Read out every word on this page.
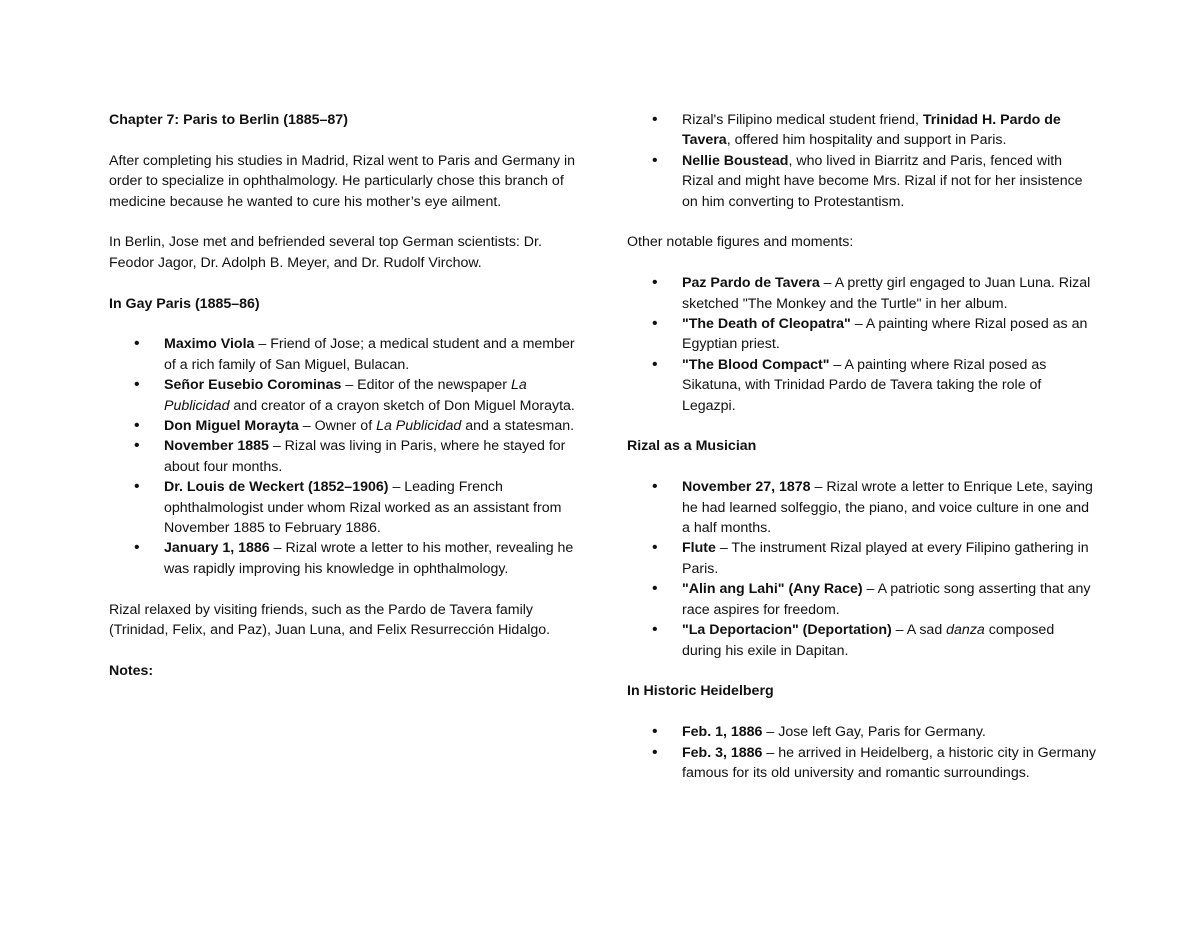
Chapter 7: Paris to Berlin (1885–87)

After completing his studies in Madrid, Rizal went to Paris and Germany in order to specialize in ophthalmology. He particularly chose this branch of medicine because he wanted to cure his mother’s eye ailment.

In Berlin, Jose met and befriended several top German scientists: Dr. Feodor Jagor, Dr. Adolph B. Meyer, and Dr. Rudolf Virchow.

In Gay Paris (1885–86)

• Maximo Viola – Friend of Jose; a medical student and a member of a rich family of San Miguel, Bulacan.
• Señor Eusebio Corominas – Editor of the newspaper La Publicidad and creator of a crayon sketch of Don Miguel Morayta.
• Don Miguel Morayta – Owner of La Publicidad and a statesman.
• November 1885 – Rizal was living in Paris, where he stayed for about four months.
• Dr. Louis de Weckert (1852–1906) – Leading French ophthalmologist under whom Rizal worked as an assistant from November 1885 to February 1886.
• January 1, 1886 – Rizal wrote a letter to his mother, revealing he was rapidly improving his knowledge in ophthalmology.

Rizal relaxed by visiting friends, such as the Pardo de Tavera family (Trinidad, Felix, and Paz), Juan Luna, and Felix Resurrección Hidalgo.

Notes:

• Rizal's Filipino medical student friend, Trinidad H. Pardo de Tavera, offered him hospitality and support in Paris.
• Nellie Boustead, who lived in Biarritz and Paris, fenced with Rizal and might have become Mrs. Rizal if not for her insistence on him converting to Protestantism.

Other notable figures and moments:

• Paz Pardo de Tavera – A pretty girl engaged to Juan Luna. Rizal sketched "The Monkey and the Turtle" in her album.
• "The Death of Cleopatra" – A painting where Rizal posed as an Egyptian priest.
• "The Blood Compact" – A painting where Rizal posed as Sikatuna, with Trinidad Pardo de Tavera taking the role of Legazpi.

Rizal as a Musician

• November 27, 1878 – Rizal wrote a letter to Enrique Lete, saying he had learned solfeggio, the piano, and voice culture in one and a half months.
• Flute – The instrument Rizal played at every Filipino gathering in Paris.
• "Alin ang Lahi" (Any Race) – A patriotic song asserting that any race aspires for freedom.
• "La Deportacion" (Deportation) – A sad danza composed during his exile in Dapitan.

In Historic Heidelberg

• Feb. 1, 1886 – Jose left Gay, Paris for Germany.
• Feb. 3, 1886 – he arrived in Heidelberg, a historic city in Germany famous for its old university and romantic surroundings.
